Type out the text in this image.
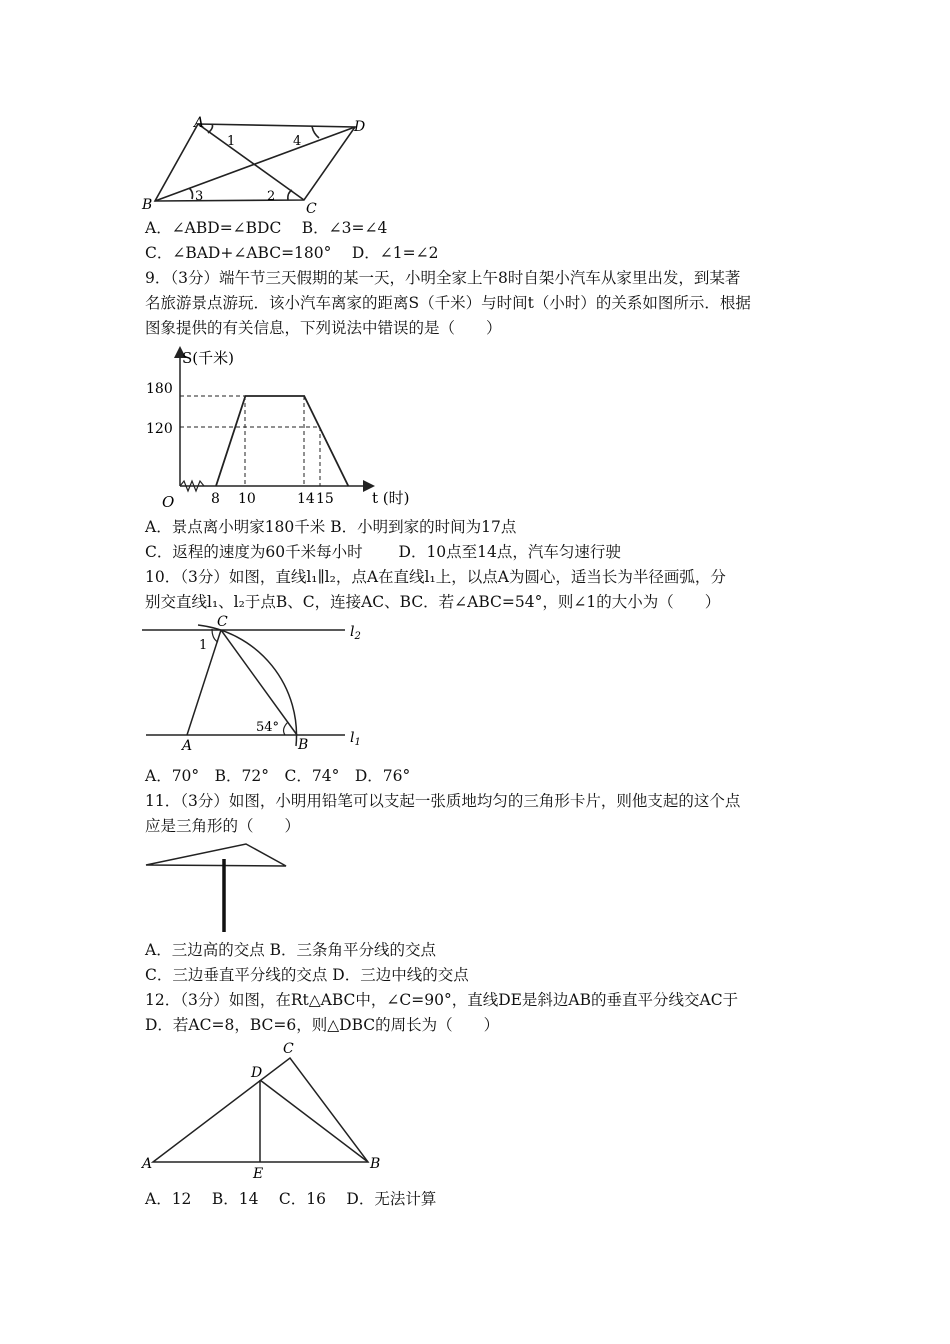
A	D
B	C
1	4
3	2
A．∠ABD=∠BDC　 B．∠3=∠4
C．∠BAD+∠ABC=180°　 D．∠1=∠2
9．（3分）端午节三天假期的某一天，小明全家上午8时自架小汽车从家里出发，到某著
名旅游景点游玩．该小汽车离家的距离S（千米）与时间t（小时）的关系如图所示．根据
图象提供的有关信息，下列说法中错误的是（　　）
S(千米)
t (时)
O
180
120
8 10	14 15
A．景点离小明家180千米 B．小明到家的时间为17点
C．返程的速度为60千米每小时　　 D．10点至14点，汽车匀速行驶
10．（3分）如图，直线l₁∥l₂，点A在直线l₁上，以点A为圆心，适当长为半径画弧，分
别交直线l₁、l₂于点B、C，连接AC、BC．若∠ABC=54°，则∠1的大小为（　　）
C
A	B
$l_2$
$l_1$
1
54°
A．70°　B．72°　C．74°　D．76°
11．（3分）如图，小明用铅笔可以支起一张质地均匀的三角形卡片，则他支起的这个点
应是三角形的（　　）
A．三边高的交点 B．三条角平分线的交点
C．三边垂直平分线的交点 D．三边中线的交点
12．（3分）如图，在Rt△ABC中，∠C=90°，直线DE是斜边AB的垂直平分线交AC于
D．若AC=8，BC=6，则△DBC的周长为（　　）
C
D
A
E
B
A．12　 B．14　 C．16　 D．无法计算
